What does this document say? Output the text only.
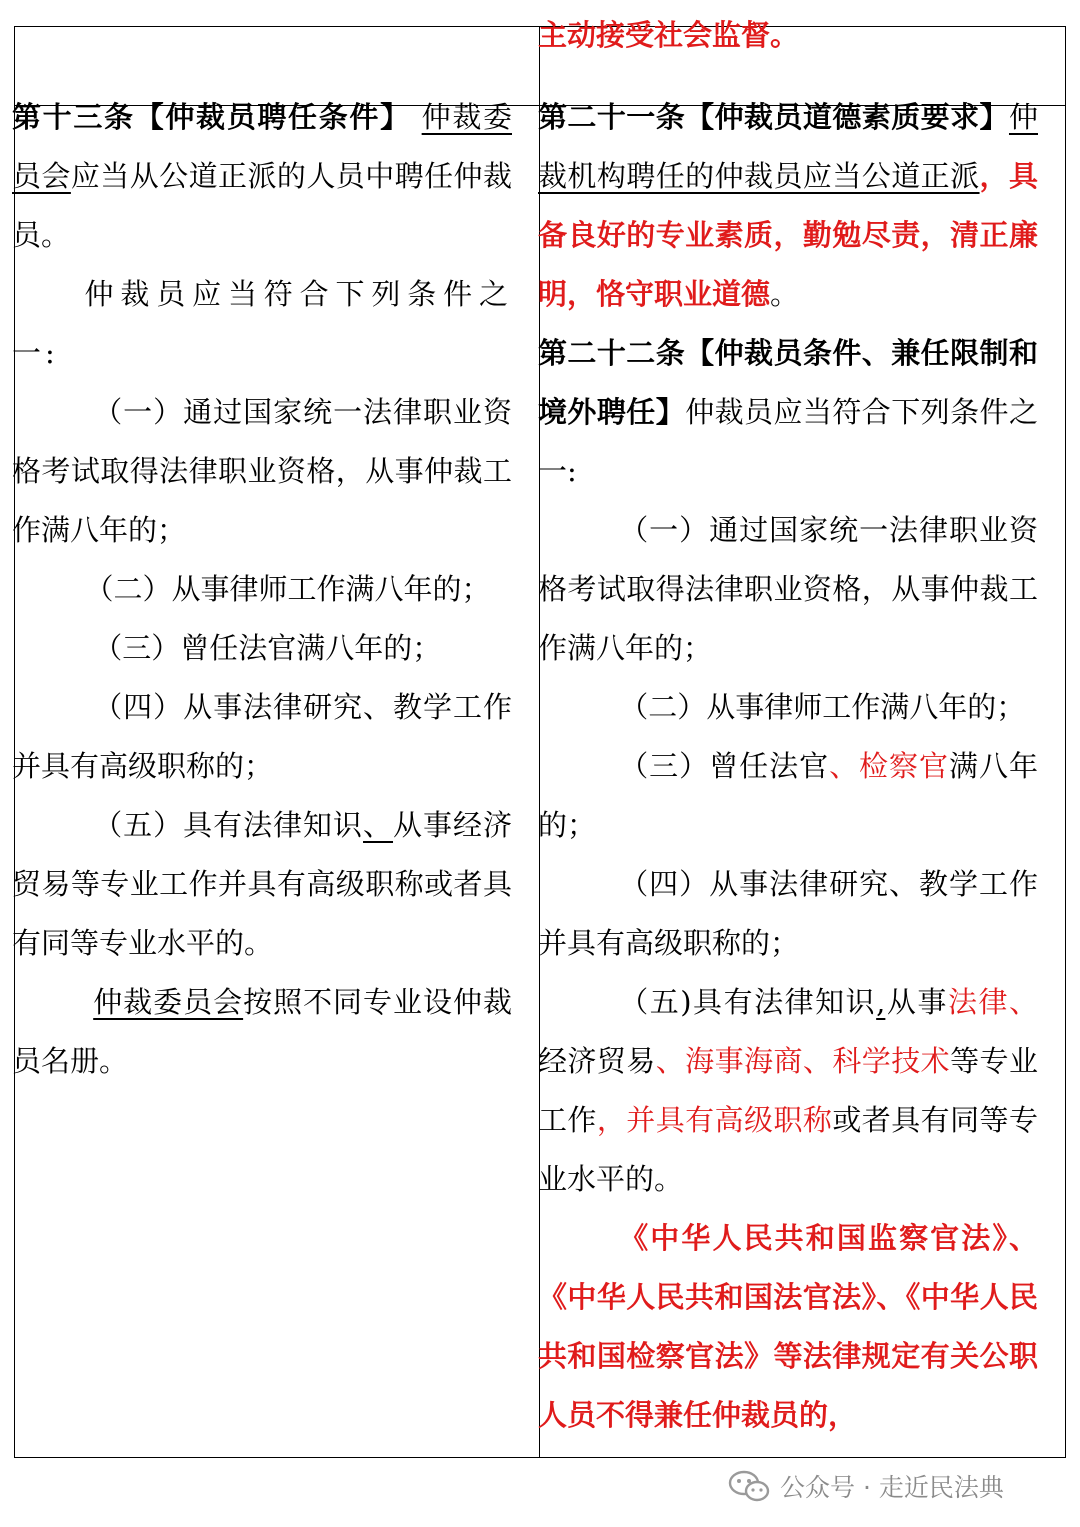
主动接受社会监督。

第十三条【仲裁员聘任条件】 仲裁委员会应当从公道正派的人员中聘任仲裁员。

仲裁员应当符合下列条件之一:

（一）通过国家统一法律职业资格考试取得法律职业资格，从事仲裁工作满八年的；

（二）从事律师工作满八年的；

（三）曾任法官满八年的；

（四）从事法律研究、教学工作并具有高级职称的；

（五）具有法律知识、从事经济贸易等专业工作并具有高级职称或者具有同等专业水平的。

仲裁委员会按照不同专业设仲裁员名册。

第二十一条【仲裁员道德素质要求】仲裁机构聘任的仲裁员应当公道正派，具备良好的专业素质，勤勉尽责，清正廉明，恪守职业道德。

第二十二条【仲裁员条件、兼任限制和境外聘任】仲裁员应当符合下列条件之一:

（一）通过国家统一法律职业资格考试取得法律职业资格，从事仲裁工作满八年的；

（二）从事律师工作满八年的；

（三）曾任法官、检察官满八年的；

（四）从事法律研究、教学工作并具有高级职称的；

（五)具有法律知识,从事法律、经济贸易、海事海商、科学技术等专业工作，并具有高级职称或者具有同等专业水平的。

《中华人民共和国监察官法》、《中华人民共和国法官法》、《中华人民共和国检察官法》等法律规定有关公职人员不得兼任仲裁员的，

公众号 · 走近民法典
